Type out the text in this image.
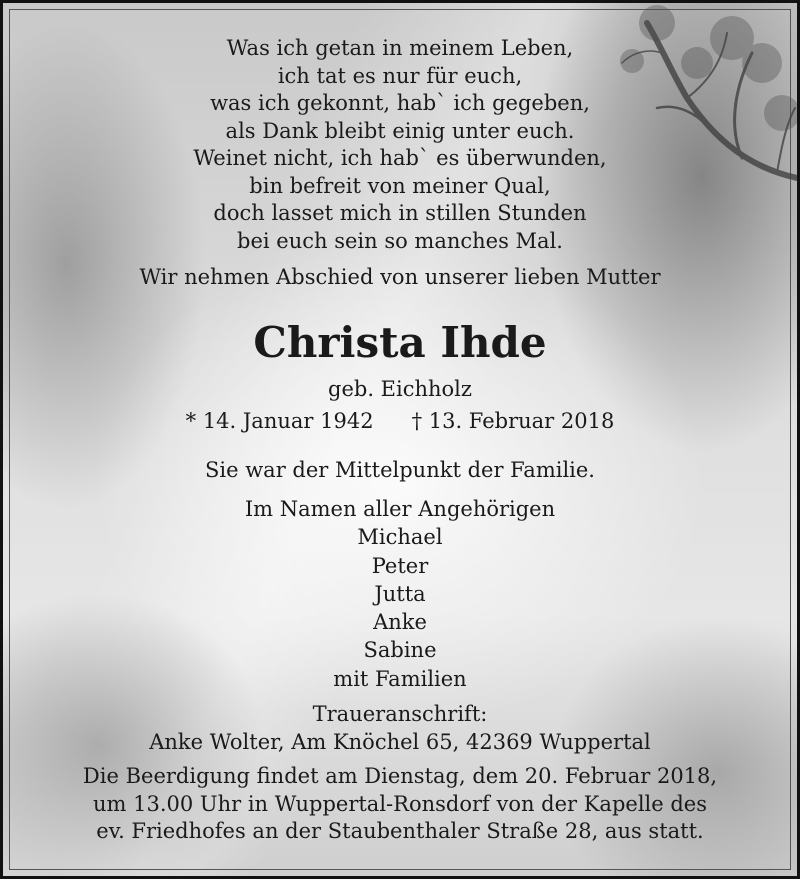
Was ich getan in meinem Leben,
ich tat es nur für euch,
was ich gekonnt, hab` ich gegeben,
als Dank bleibt einig unter euch.
Weinet nicht, ich hab` es überwunden,
bin befreit von meiner Qual,
doch lasset mich in stillen Stunden
bei euch sein so manches Mal.
Wir nehmen Abschied von unserer lieben Mutter
Christa Ihde
geb. Eichholz
* 14. Januar 1942 † 13. Februar 2018
Sie war der Mittelpunkt der Familie.
Im Namen aller Angehörigen
Michael
Peter
Jutta
Anke
Sabine
mit Familien
Traueranschrift:
Anke Wolter, Am Knöchel 65, 42369 Wuppertal
Die Beerdigung findet am Dienstag, dem 20. Februar 2018,
um 13.00 Uhr in Wuppertal-Ronsdorf von der Kapelle des
ev. Friedhofes an der Staubenthaler Straße 28, aus statt.
